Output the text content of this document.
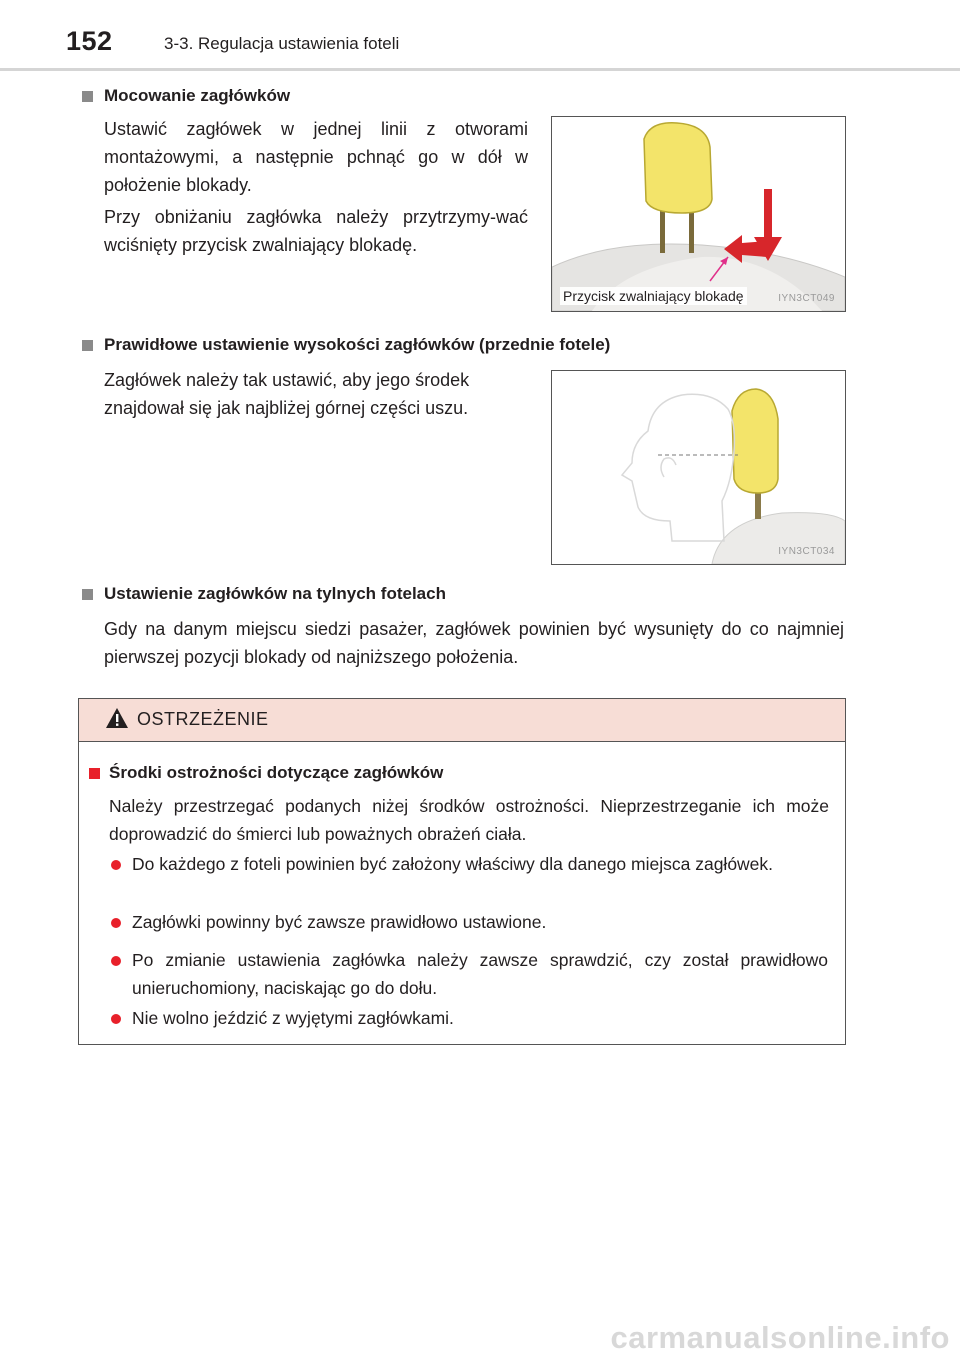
152	3-3. Regulacja ustawienia foteli
Mocowanie zagłówków

Ustawić zagłówek w jednej linii z otworami montażowymi, a następnie pchnąć go w dół w położenie blokady.

Przy obniżaniu zagłówka należy przytrzymy-wać wciśnięty przycisk zwalniający blokadę.

Przycisk zwalniający blokadę	IYN3CT049
Prawidłowe ustawienie wysokości zagłówków (przednie fotele)

Zagłówek należy tak ustawić, aby jego środek znajdował się jak najbliżej górnej części uszu.

IYN3CT034
Ustawienie zagłówków na tylnych fotelach

Gdy na danym miejscu siedzi pasażer, zagłówek powinien być wysunięty do co najmniej pierwszej pozycji blokady od najniższego położenia.

OSTRZEŻENIE
Środki ostrożności dotyczące zagłówków

Należy przestrzegać podanych niżej środków ostrożności. Nieprzestrzeganie ich może doprowadzić do śmierci lub poważnych obrażeń ciała.

Do każdego z foteli powinien być założony właściwy dla danego miejsca zagłówek.

Zagłówki powinny być zawsze prawidłowo ustawione.

Po zmianie ustawienia zagłówka należy zawsze sprawdzić, czy został prawidłowo unieruchomiony, naciskając go do dołu.

Nie wolno jeździć z wyjętymi zagłówkami.

carmanualsonline.info
